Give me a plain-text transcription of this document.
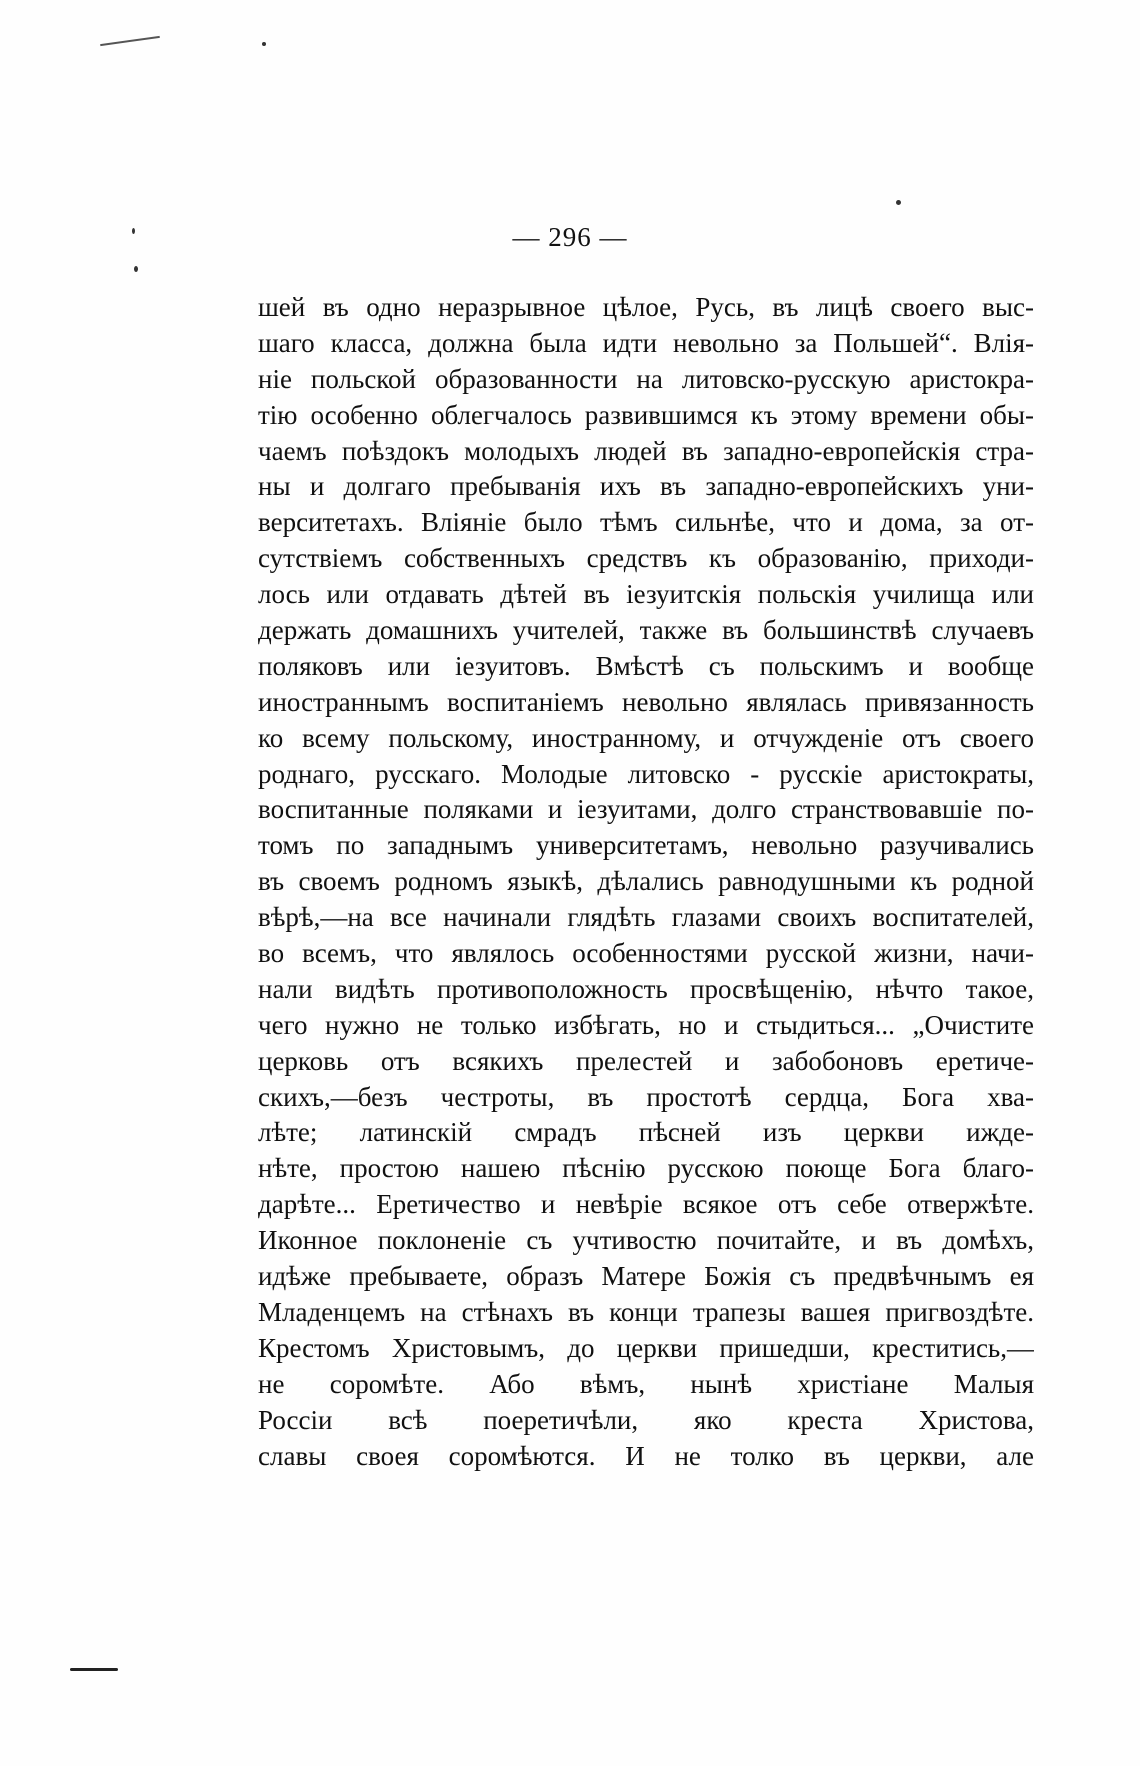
— 296 —
шей въ одно неразрывное цѣлое, Русь, въ лицѣ своего выс-
шаго класса, должна была идти невольно за Польшей“. Влія-
ніе польской образованности на литовско-русскую аристокра-
тію особенно облегчалось развившимся къ этому времени обы-
чаемъ поѣздокъ молодыхъ людей въ западно-европейскія стра-
ны и долгаго пребыванія ихъ въ западно-европейскихъ уни-
верситетахъ. Вліяніе было тѣмъ сильнѣе, что и дома, за от-
сутствіемъ собственныхъ средствъ къ образованію, приходи-
лось или отдавать дѣтей въ іезуитскія польскія училища или
держать домашнихъ учителей, также въ большинствѣ случаевъ
поляковъ или іезуитовъ. Вмѣстѣ съ польскимъ и вообще
иностраннымъ воспитаніемъ невольно являлась привязанность
ко всему польскому, иностранному, и отчужденіе отъ своего
роднаго, русскаго. Молодые литовско - русскіе аристократы,
воспитанные поляками и іезуитами, долго странствовавшіе по-
томъ по западнымъ университетамъ, невольно разучивались
въ своемъ родномъ языкѣ, дѣлались равнодушными къ родной
вѣрѣ,—на все начинали глядѣть глазами своихъ воспитателей,
во всемъ, что являлось особенностями русской жизни, начи-
нали видѣть противоположность просвѣщенію, нѣчто такое,
чего нужно не только избѣгать, но и стыдиться... „Очистите
церковь отъ всякихъ прелестей и забобоновъ еретиче-
скихъ,—безъ честроты, въ простотѣ сердца, Бога хва-
лѣте; латинскій смрадъ пѣсней изъ церкви иждe-
нѣте, простою нашею пѣснію русскою поюще Бога благо-
дарѣте... Еретичество и невѣріе всякое отъ себе отвержѣте.
Иконное поклоненіе съ учтивостю почитайте, и въ домѣхъ,
идѣже пребываете, образъ Матере Божія съ предвѣчнымъ ея
Младенцемъ на стѣнахъ въ конци трапезы вашея пригвоздѣте.
Крестомъ Христовымъ, до церкви пришедши, креститись,—
не соромѣте. Або вѣмъ, нынѣ христіане Малыя
Россіи всѣ поеретичѣли, яко креста Христова,
славы своея соромѣются. И не толко въ церкви, але
